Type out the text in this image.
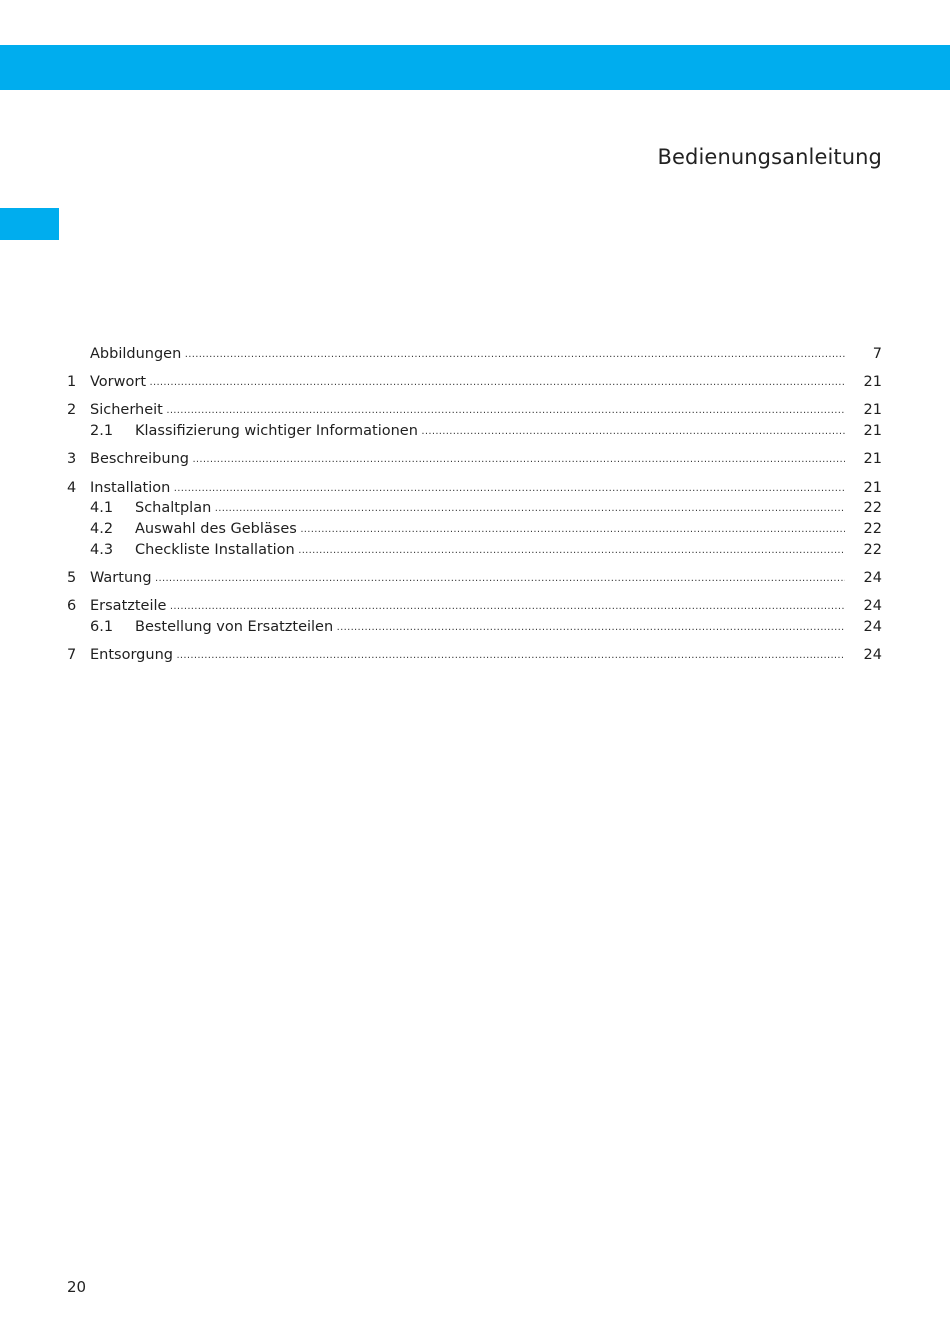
Bedienungsanleitung
Abbildungen .....	7
1 Vorwort .....	21
2 Sicherheit .....	21
2.1 Klassifizierung wichtiger Informationen .....	21
3 Beschreibung .....	21
4 Installation .....	21
4.1 Schaltplan .....	22
4.2 Auswahl des Gebläses .....	22
4.3 Checkliste Installation .....	22
5 Wartung .....	24
6 Ersatzteile .....	24
6.1 Bestellung von Ersatzteilen .....	24
7 Entsorgung .....	24
20
